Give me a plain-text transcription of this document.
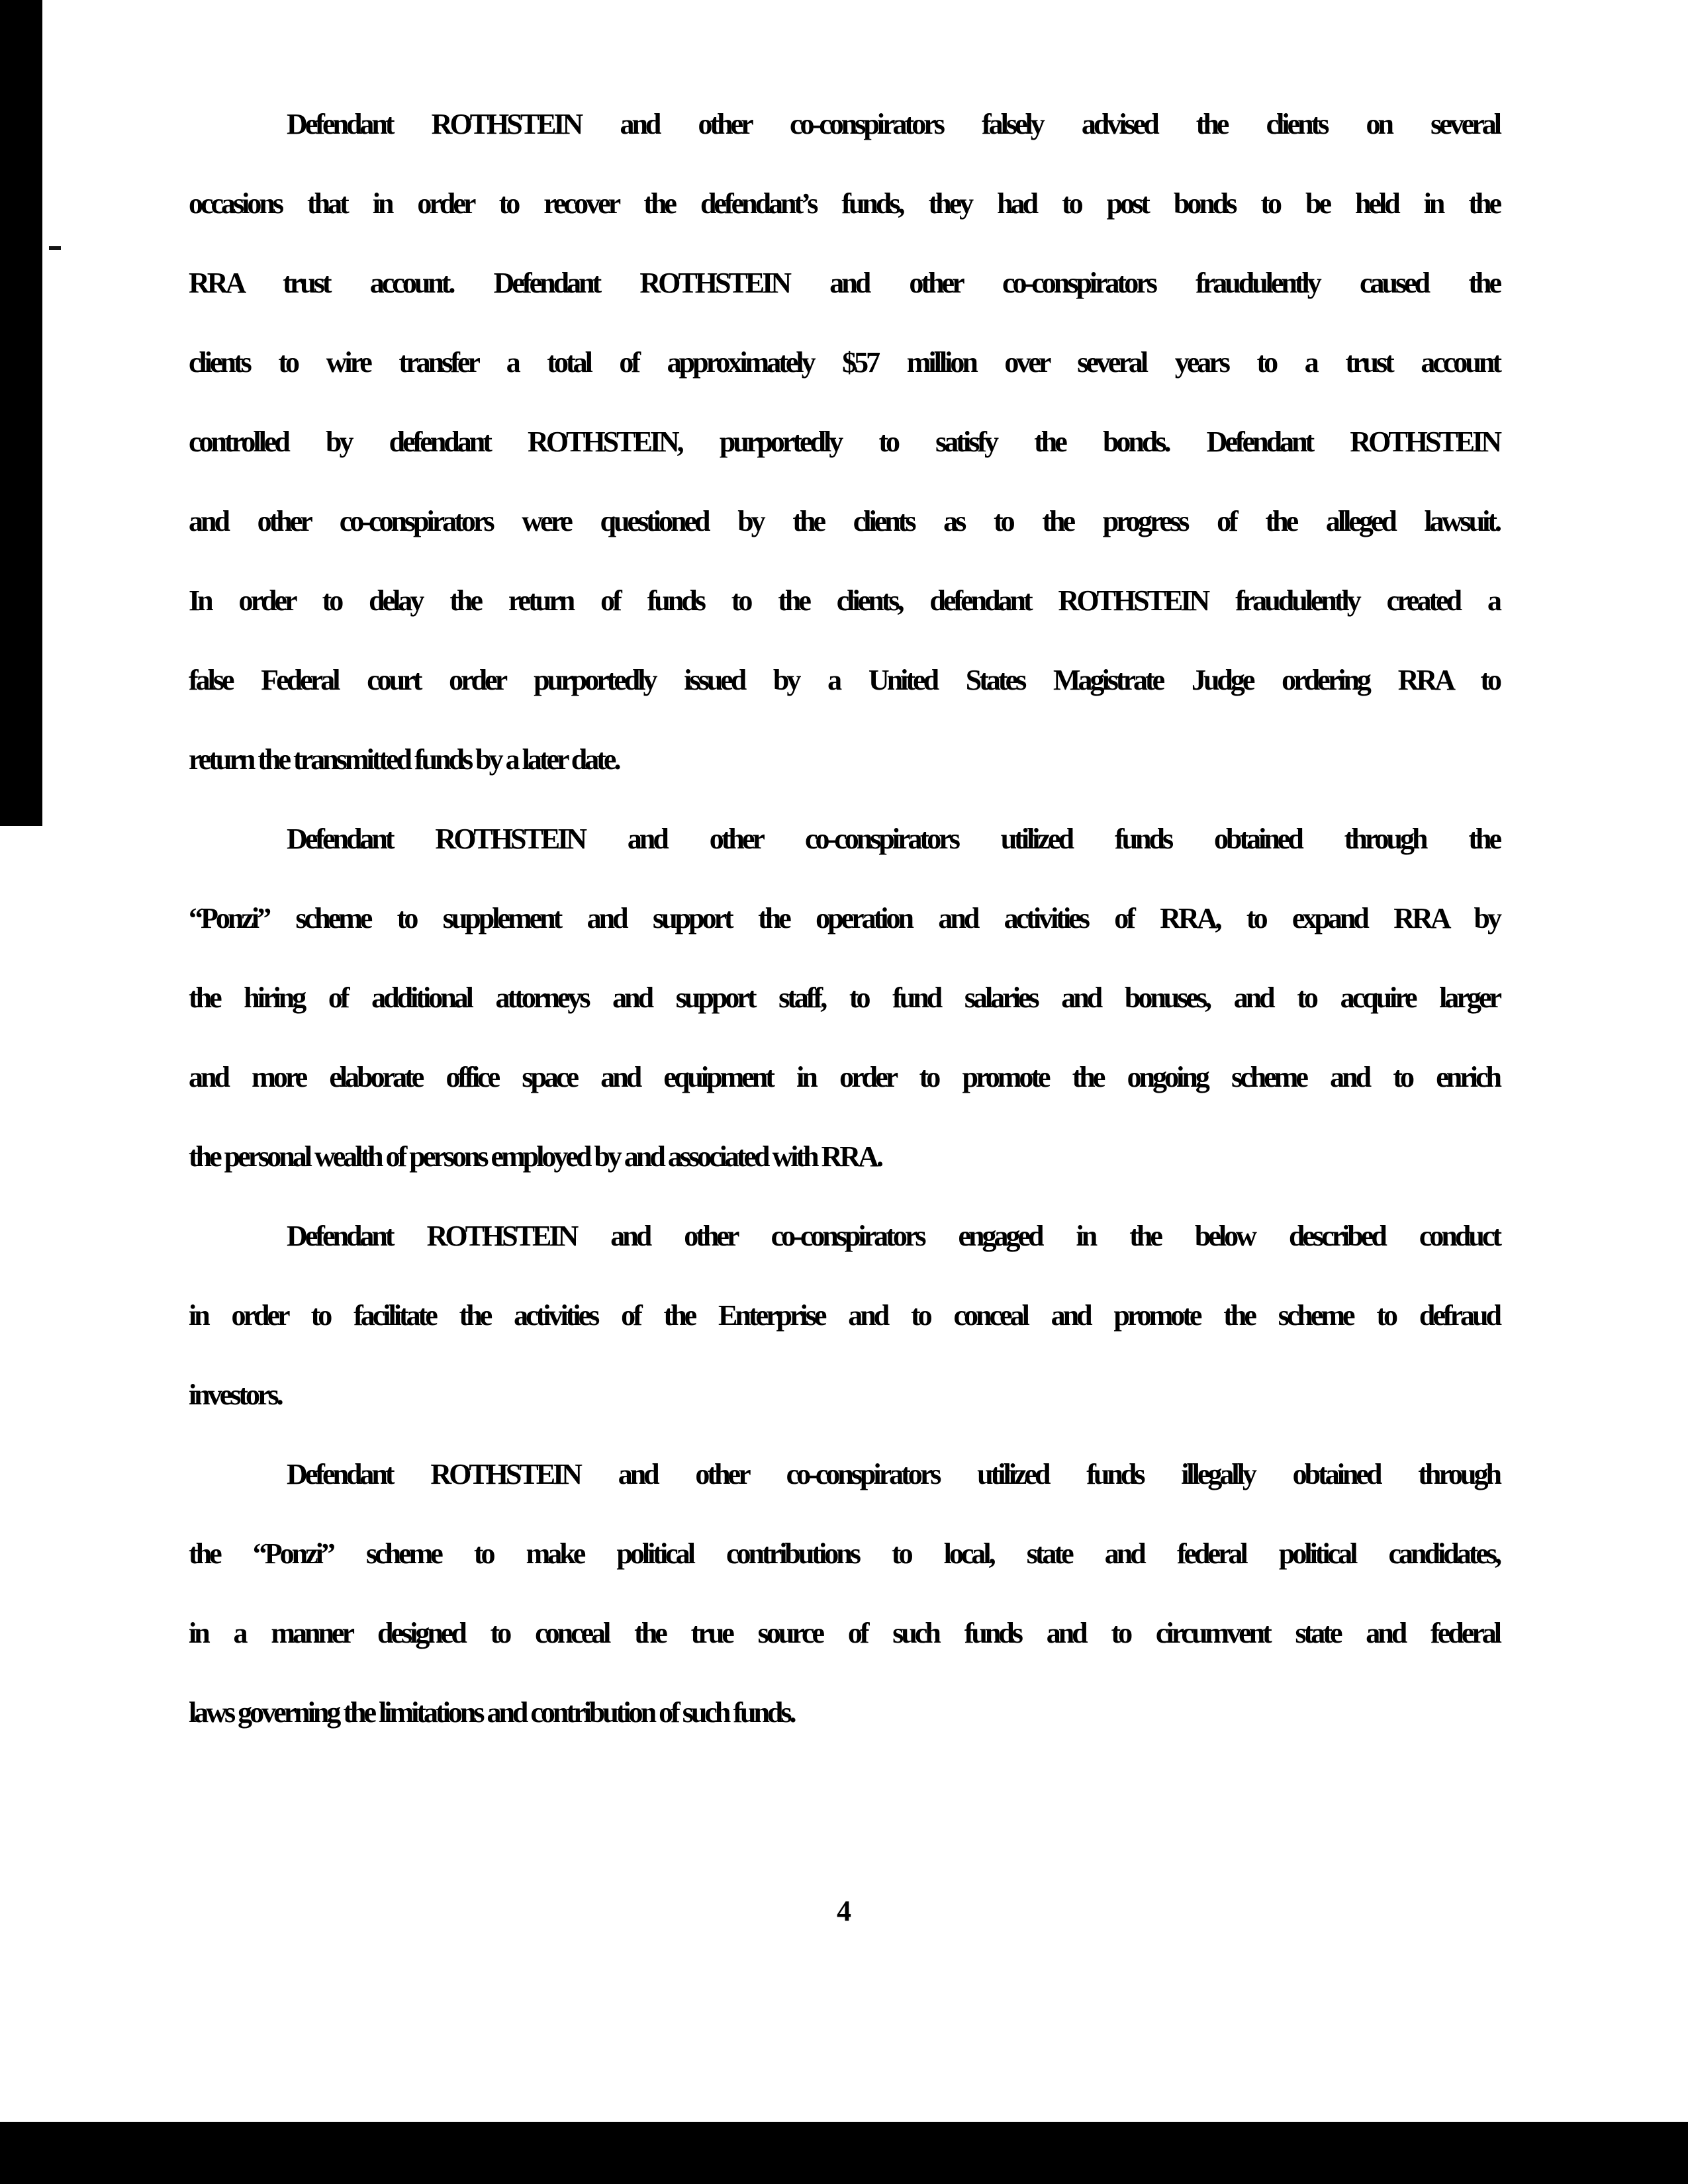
Defendant ROTHSTEIN and other co-conspirators falsely advised the clients on several
occasions that in order to recover the defendant’s funds, they had to post bonds to be held in the
RRA trust account. Defendant ROTHSTEIN and other co-conspirators fraudulently caused the
clients to wire transfer a total of approximately $57 million over several years to a trust account
controlled by defendant ROTHSTEIN, purportedly to satisfy the bonds. Defendant ROTHSTEIN
and other co-conspirators were questioned by the clients as to the progress of the alleged lawsuit.
In order to delay the return of funds to the clients, defendant ROTHSTEIN fraudulently created a
false Federal court order purportedly issued by a United States Magistrate Judge ordering RRA to
return the transmitted funds by a later date.
Defendant ROTHSTEIN and other co-conspirators utilized funds obtained through the
“Ponzi” scheme to supplement and support the operation and activities of RRA, to expand RRA by
the hiring of additional attorneys and support staff, to fund salaries and bonuses, and to acquire larger
and more elaborate office space and equipment in order to promote the ongoing scheme and to enrich
the personal wealth of persons employed by and associated with RRA.
Defendant ROTHSTEIN and other co-conspirators engaged in the below described conduct
in order to facilitate the activities of the Enterprise and to conceal and promote the scheme to defraud
investors.
Defendant ROTHSTEIN and other co-conspirators utilized funds illegally obtained through
the “Ponzi” scheme to make political contributions to local, state and federal political candidates,
in a manner designed to conceal the true source of such funds and to circumvent state and federal
laws governing the limitations and contribution of such funds.
4
